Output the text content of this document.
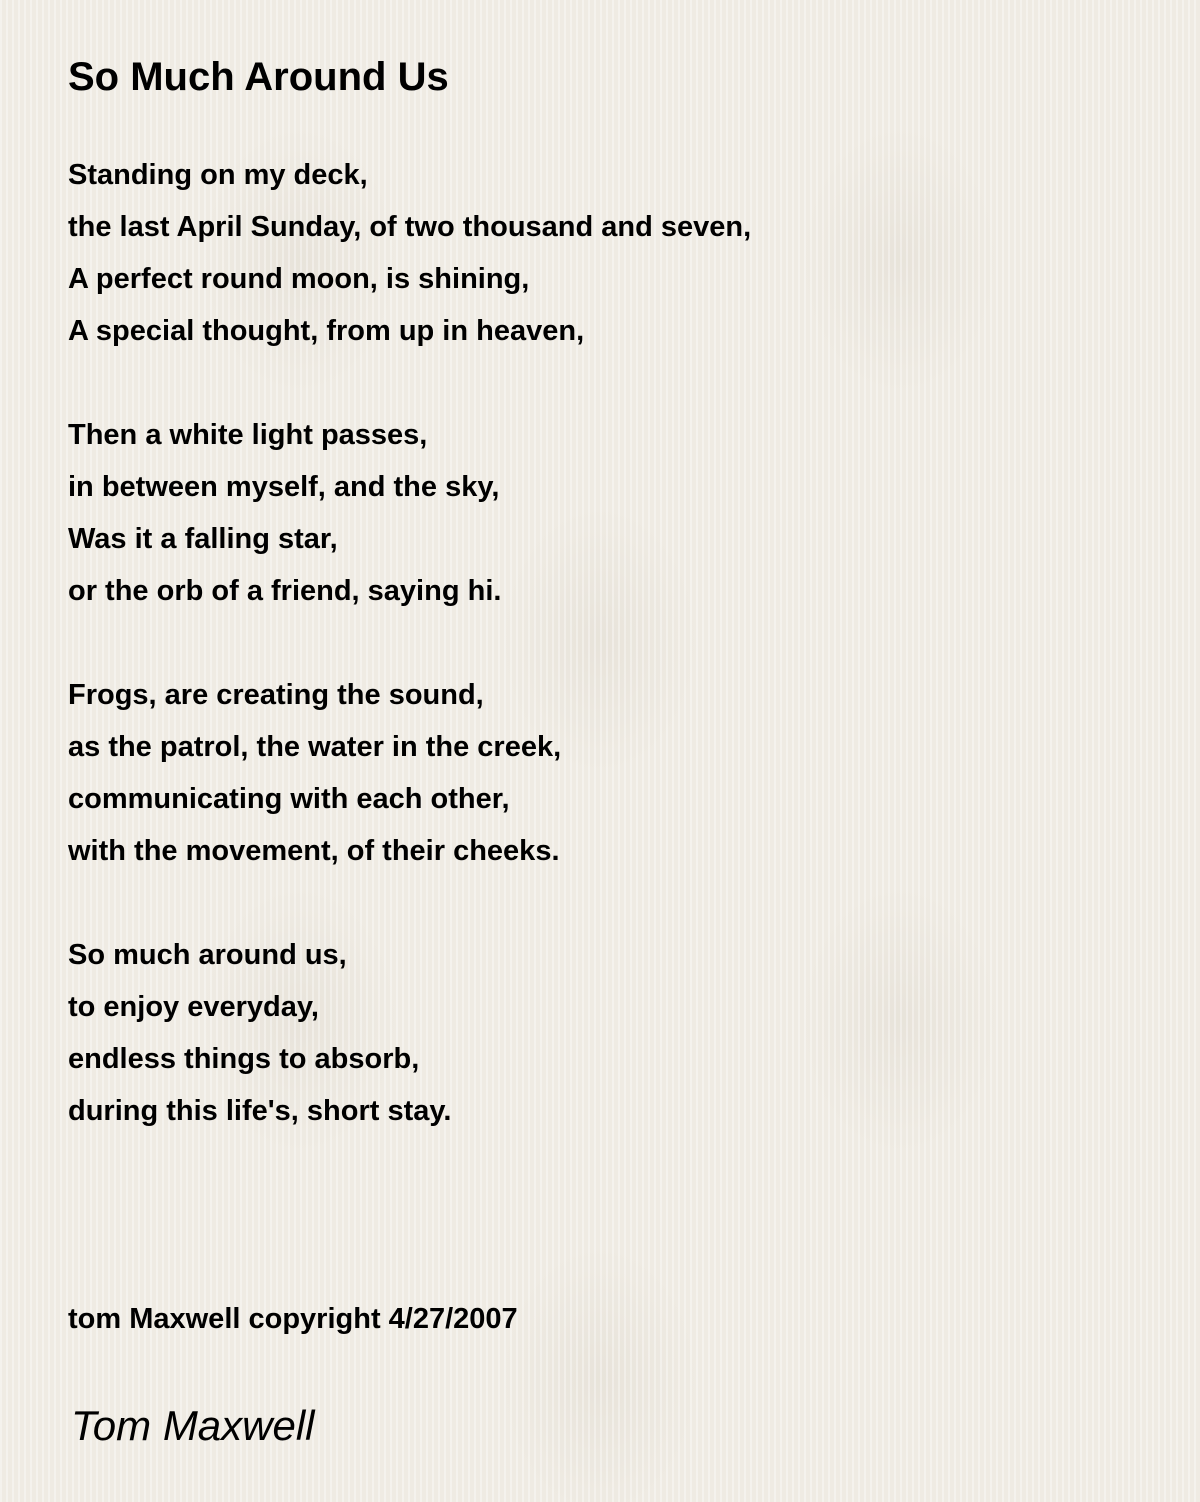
So Much Around Us
Standing on my deck,
the last April Sunday, of two thousand and seven,
A perfect round moon, is shining,
A special thought, from up in heaven,
Then a white light passes,
in between myself, and the sky,
Was it a falling star,
or the orb of a friend, saying hi.
Frogs, are creating the sound,
as the patrol, the water in the creek,
communicating with each other,
with the movement, of their cheeks.
So much around us,
to enjoy everyday,
endless things to absorb,
during this life's, short stay.
tom Maxwell copyright 4/27/2007
Tom Maxwell
